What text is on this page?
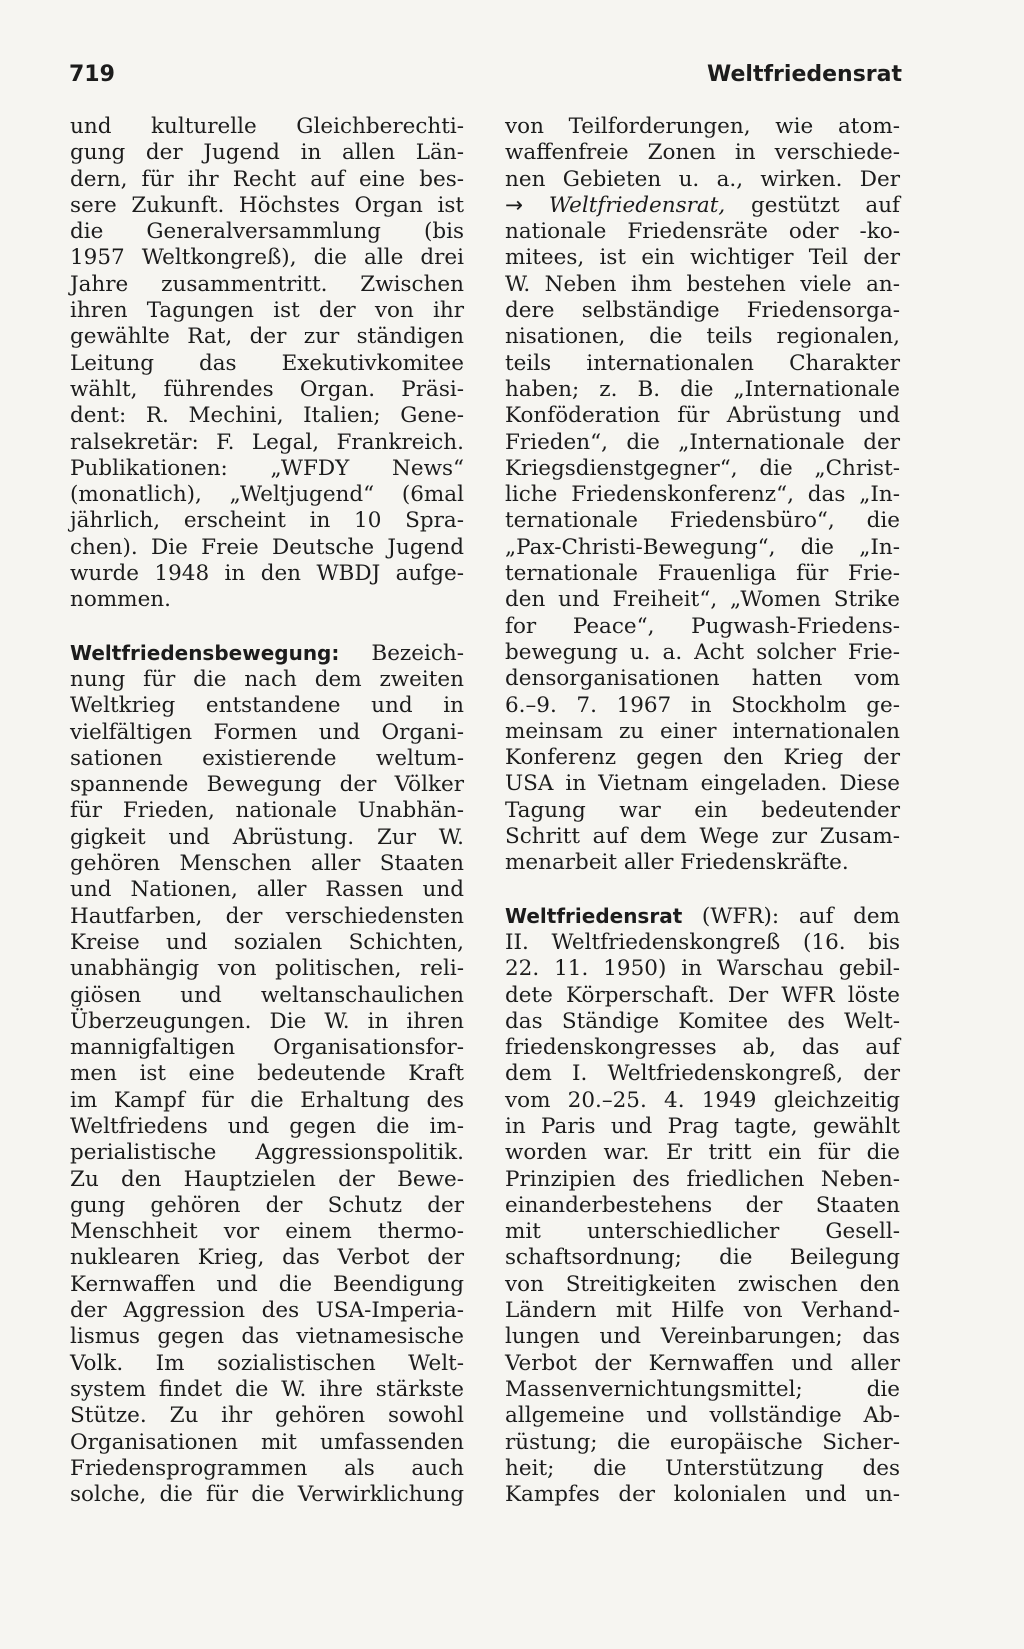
719	Weltfriedensrat
und kulturelle Gleichberechti-
gung der Jugend in allen Län-
dern, für ihr Recht auf eine bes-
sere Zukunft. Höchstes Organ ist
die Generalversammlung (bis
1957 Weltkongreß), die alle drei
Jahre zusammentritt. Zwischen
ihren Tagungen ist der von ihr
gewählte Rat, der zur ständigen
Leitung das Exekutivkomitee
wählt, führendes Organ. Präsi-
dent: R. Mechini, Italien; Gene-
ralsekretär: F. Legal, Frankreich.
Publikationen: „WFDY News“
(monatlich), „Weltjugend“ (6mal
jährlich, erscheint in 10 Spra-
chen). Die Freie Deutsche Jugend
wurde 1948 in den WBDJ aufge-
nommen.
Weltfriedensbewegung: Bezeich-
nung für die nach dem zweiten
Weltkrieg entstandene und in
vielfältigen Formen und Organi-
sationen existierende weltum-
spannende Bewegung der Völker
für Frieden, nationale Unabhän-
gigkeit und Abrüstung. Zur W.
gehören Menschen aller Staaten
und Nationen, aller Rassen und
Hautfarben, der verschiedensten
Kreise und sozialen Schichten,
unabhängig von politischen, reli-
giösen und weltanschaulichen
Überzeugungen. Die W. in ihren
mannigfaltigen Organisationsfor-
men ist eine bedeutende Kraft
im Kampf für die Erhaltung des
Weltfriedens und gegen die im-
perialistische Aggressionspolitik.
Zu den Hauptzielen der Bewe-
gung gehören der Schutz der
Menschheit vor einem thermo-
nuklearen Krieg, das Verbot der
Kernwaffen und die Beendigung
der Aggression des USA-Imperia-
lismus gegen das vietnamesische
Volk. Im sozialistischen Welt-
system findet die W. ihre stärkste
Stütze. Zu ihr gehören sowohl
Organisationen mit umfassenden
Friedensprogrammen als auch
solche, die für die Verwirklichung
von Teilforderungen, wie atom-
waffenfreie Zonen in verschiede-
nen Gebieten u. a., wirken. Der
→ Weltfriedensrat, gestützt auf
nationale Friedensräte oder -ko-
mitees, ist ein wichtiger Teil der
W. Neben ihm bestehen viele an-
dere selbständige Friedensorga-
nisationen, die teils regionalen,
teils internationalen Charakter
haben; z. B. die „Internationale
Konföderation für Abrüstung und
Frieden“, die „Internationale der
Kriegsdienstgegner“, die „Christ-
liche Friedenskonferenz“, das „In-
ternationale Friedensbüro“, die
„Pax-Christi-Bewegung“, die „In-
ternationale Frauenliga für Frie-
den und Freiheit“, „Women Strike
for Peace“, Pugwash-Friedens-
bewegung u. a. Acht solcher Frie-
densorganisationen hatten vom
6.–9. 7. 1967 in Stockholm ge-
meinsam zu einer internationalen
Konferenz gegen den Krieg der
USA in Vietnam eingeladen. Diese
Tagung war ein bedeutender
Schritt auf dem Wege zur Zusam-
menarbeit aller Friedenskräfte.
Weltfriedensrat (WFR): auf dem
II. Weltfriedenskongreß (16. bis
22. 11. 1950) in Warschau gebil-
dete Körperschaft. Der WFR löste
das Ständige Komitee des Welt-
friedenskongresses ab, das auf
dem I. Weltfriedenskongreß, der
vom 20.–25. 4. 1949 gleichzeitig
in Paris und Prag tagte, gewählt
worden war. Er tritt ein für die
Prinzipien des friedlichen Neben-
einanderbestehens der Staaten
mit unterschiedlicher Gesell-
schaftsordnung; die Beilegung
von Streitigkeiten zwischen den
Ländern mit Hilfe von Verhand-
lungen und Vereinbarungen; das
Verbot der Kernwaffen und aller
Massenvernichtungsmittel; die
allgemeine und vollständige Ab-
rüstung; die europäische Sicher-
heit; die Unterstützung des
Kampfes der kolonialen und un-
